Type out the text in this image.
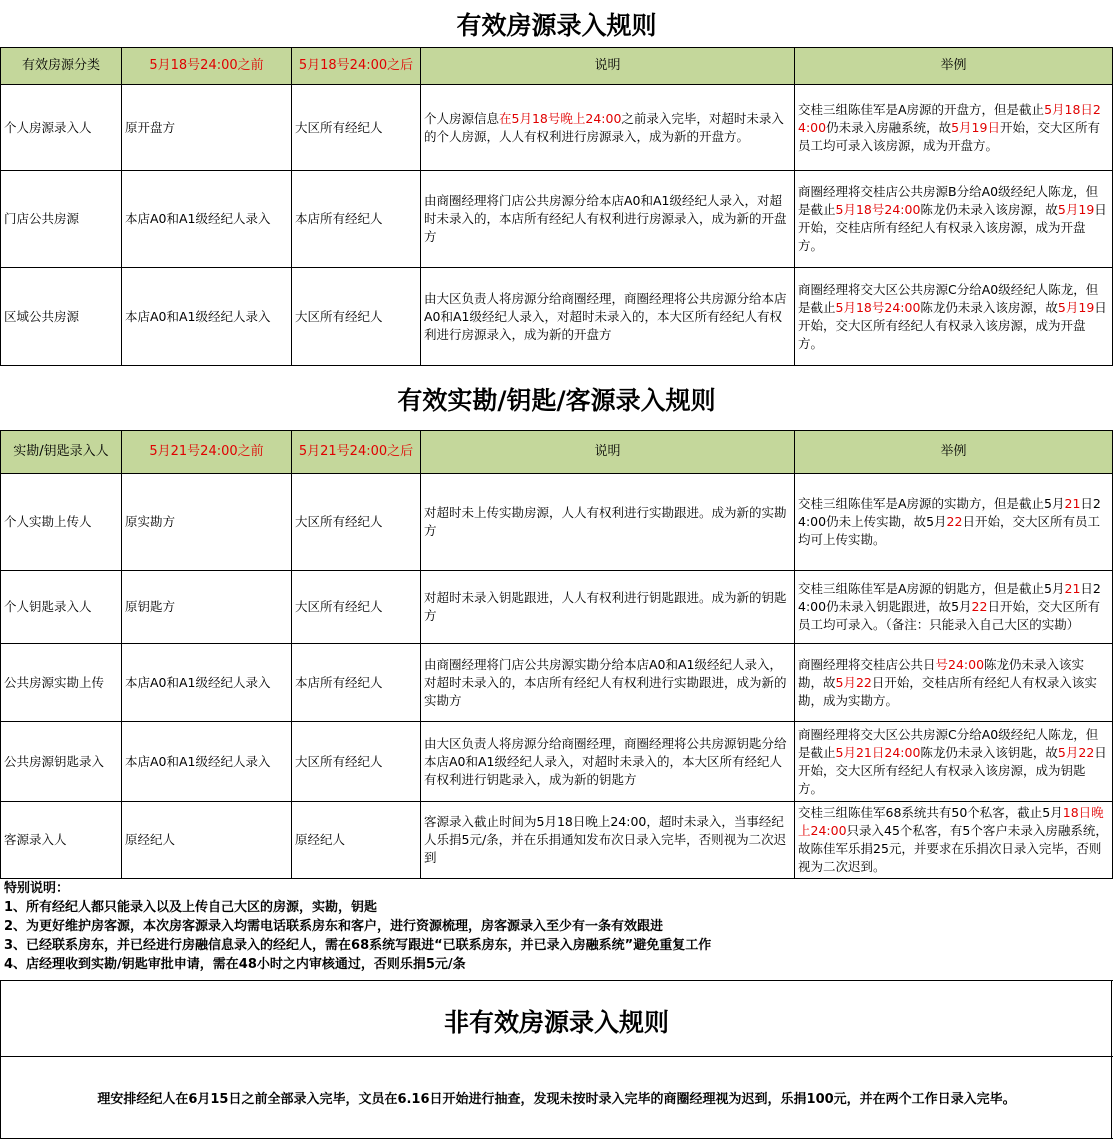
有效房源录入规则
有效房源分类	5月18号24:00之前	5月18号24:00之后	说明	举例
个人房源录入人	原开盘方	大区所有经纪人	个人房源信息在5月18号晚上24:00之前录入完毕，对超时未录入的个人房源，人人有权利进行房源录入，成为新的开盘方。	交桂三组陈佳军是A房源的开盘方，但是截止5月18日24:00仍未录入房融系统，故5月19日开始，交大区所有员工均可录入该房源，成为开盘方。
门店公共房源	本店A0和A1级经纪人录入	本店所有经纪人	由商圈经理将门店公共房源分给本店A0和A1级经纪人录入，对超时未录入的，本店所有经纪人有权利进行房源录入，成为新的开盘方	商圈经理将交桂店公共房源B分给A0级经纪人陈龙，但是截止5月18号24:00陈龙仍未录入该房源，故5月19日开始，交桂店所有经纪人有权录入该房源，成为开盘方。
区域公共房源	本店A0和A1级经纪人录入	大区所有经纪人	由大区负责人将房源分给商圈经理，商圈经理将公共房源分给本店A0和A1级经纪人录入，对超时未录入的，本大区所有经纪人有权利进行房源录入，成为新的开盘方	商圈经理将交大区公共房源C分给A0级经纪人陈龙，但是截止5月18号24:00陈龙仍未录入该房源，故5月19日开始，交大区所有经纪人有权录入该房源，成为开盘方。
有效实勘/钥匙/客源录入规则
实勘/钥匙录入人	5月21号24:00之前	5月21号24:00之后	说明	举例
个人实勘上传人	原实勘方	大区所有经纪人	对超时未上传实勘房源，人人有权利进行实勘跟进。成为新的实勘方	交桂三组陈佳军是A房源的实勘方，但是截止5月21日24:00仍未上传实勘，故5月22日开始，交大区所有员工均可上传实勘。
个人钥匙录入人	原钥匙方	大区所有经纪人	对超时未录入钥匙跟进，人人有权利进行钥匙跟进。成为新的钥匙方	交桂三组陈佳军是A房源的钥匙方，但是截止5月21日24:00仍未录入钥匙跟进，故5月22日开始，交大区所有员工均可录入。（备注：只能录入自己大区的实勘）
公共房源实勘上传	本店A0和A1级经纪人录入	本店所有经纪人	由商圈经理将门店公共房源实勘分给本店A0和A1级经纪人录入，对超时未录入的，本店所有经纪人有权利进行实勘跟进，成为新的实勘方	商圈经理将交桂店公共日号24:00陈龙仍未录入该实勘，故5月22日开始，交桂店所有经纪人有权录入该实勘，成为实勘方。
公共房源钥匙录入	本店A0和A1级经纪人录入	大区所有经纪人	由大区负责人将房源分给商圈经理，商圈经理将公共房源钥匙分给本店A0和A1级经纪人录入，对超时未录入的，本大区所有经纪人有权利进行钥匙录入，成为新的钥匙方	商圈经理将交大区公共房源C分给A0级经纪人陈龙，但是截止5月21日24:00陈龙仍未录入该钥匙，故5月22日开始，交大区所有经纪人有权录入该房源，成为钥匙方。
客源录入人	原经纪人	原经纪人	客源录入截止时间为5月18日晚上24:00，超时未录入，当事经纪人乐捐5元/条，并在乐捐通知发布次日录入完毕，否则视为二次迟到	交桂三组陈佳军68系统共有50个私客，截止5月18日晚上24:00只录入45个私客，有5个客户未录入房融系统，故陈佳军乐捐25元，并要求在乐捐次日录入完毕，否则视为二次迟到。
特别说明：
1、所有经纪人都只能录入以及上传自己大区的房源，实勘，钥匙
2、为更好维护房客源，本次房客源录入均需电话联系房东和客户，进行资源梳理，房客源录入至少有一条有效跟进
3、已经联系房东，并已经进行房融信息录入的经纪人，需在68系统写跟进“已联系房东，并已录入房融系统”避免重复工作
4、店经理收到实勘/钥匙审批申请，需在48小时之内审核通过，否则乐捐5元/条
非有效房源录入规则
理安排经纪人在6月15日之前全部录入完毕，文员在6.16日开始进行抽查，发现未按时录入完毕的商圈经理视为迟到，乐捐100元，并在两个工作日录入完毕。
